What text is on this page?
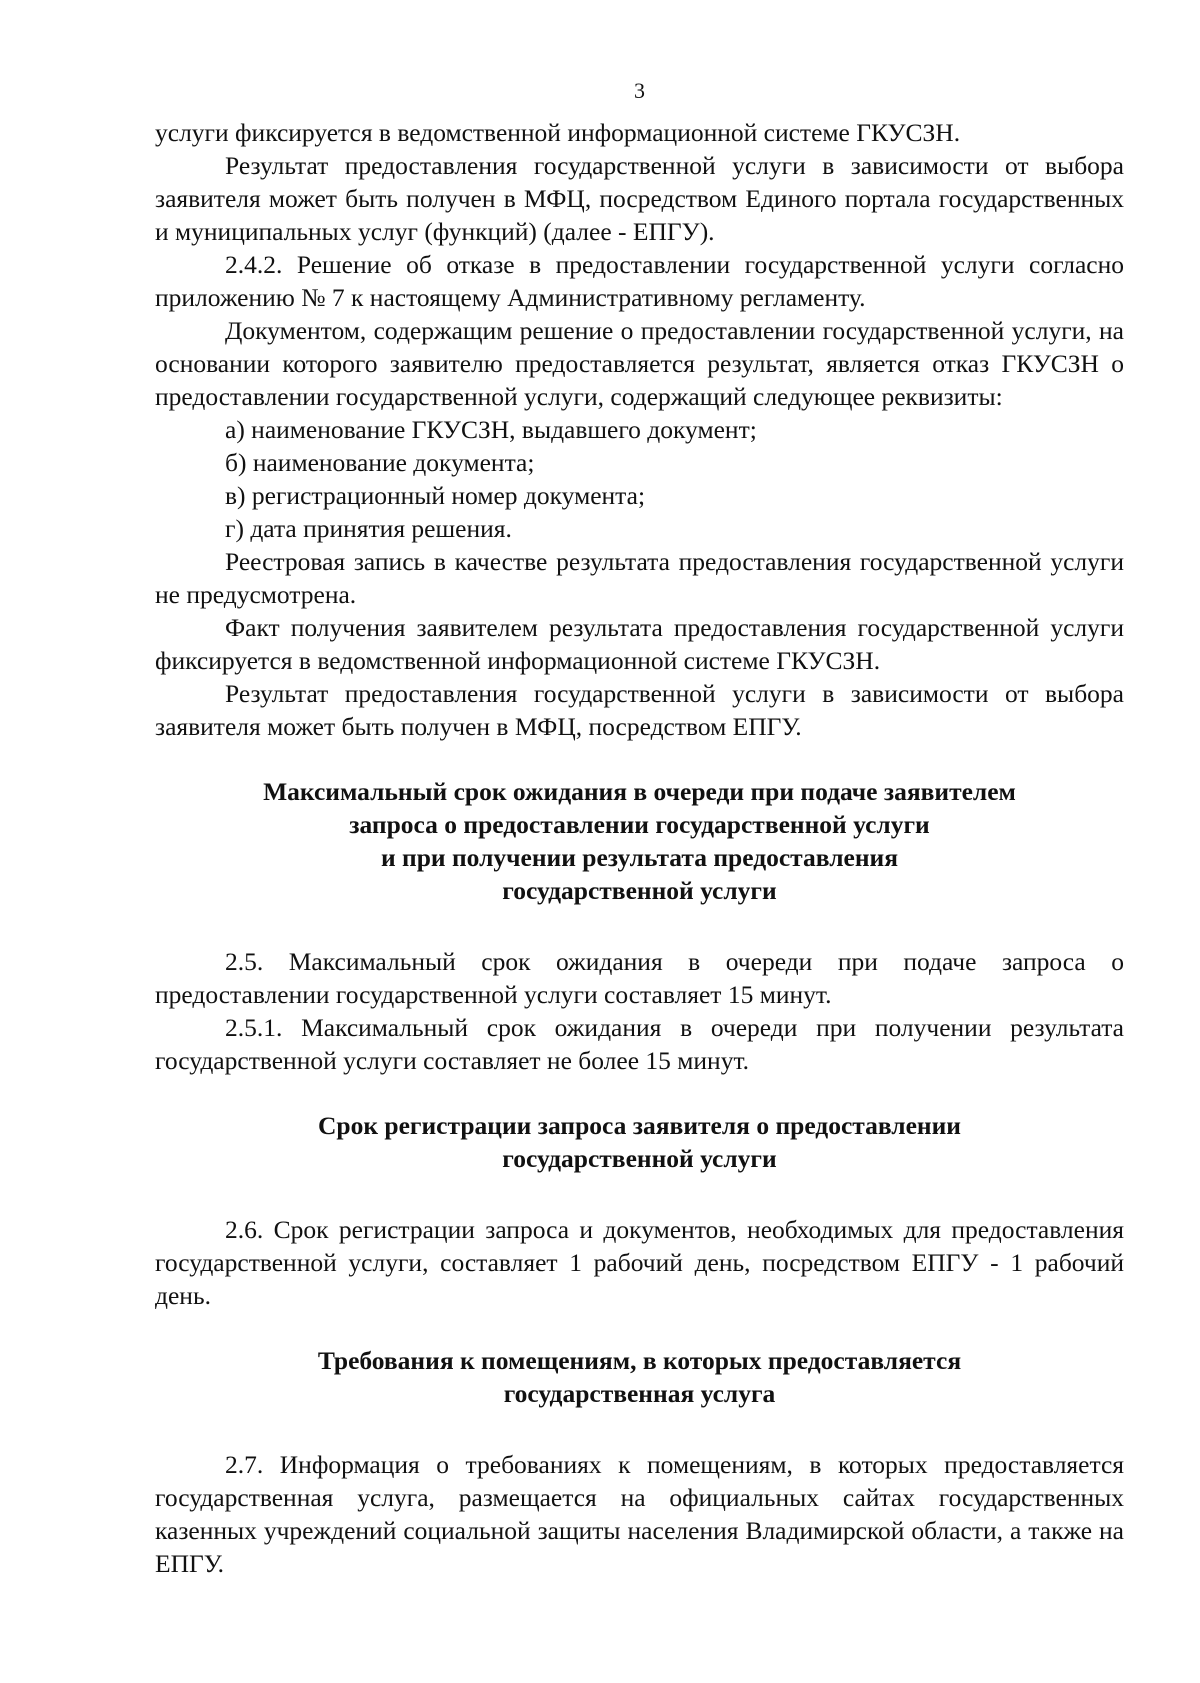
3

услуги фиксируется в ведомственной информационной системе ГКУСЗН.

Результат предоставления государственной услуги в зависимости от выбора заявителя может быть получен в МФЦ, посредством Единого портала государственных и муниципальных услуг (функций) (далее - ЕПГУ).

2.4.2. Решение об отказе в предоставлении государственной услуги согласно приложению № 7 к настоящему Административному регламенту.

Документом, содержащим решение о предоставлении государственной услуги, на основании которого заявителю предоставляется результат, является отказ ГКУСЗН о предоставлении государственной услуги, содержащий следующее реквизиты:

а) наименование ГКУСЗН, выдавшего документ;

б) наименование документа;

в) регистрационный номер документа;

г) дата принятия решения.

Реестровая запись в качестве результата предоставления государственной услуги не предусмотрена.

Факт получения заявителем результата предоставления государственной услуги фиксируется в ведомственной информационной системе ГКУСЗН.

Результат предоставления государственной услуги в зависимости от выбора заявителя может быть получен в МФЦ, посредством ЕПГУ.

Максимальный срок ожидания в очереди при подаче заявителем
запроса о предоставлении государственной услуги
и при получении результата предоставления
государственной услуги

2.5. Максимальный срок ожидания в очереди при подаче запроса о предоставлении государственной услуги составляет 15 минут.

2.5.1. Максимальный срок ожидания в очереди при получении результата государственной услуги составляет не более 15 минут.

Срок регистрации запроса заявителя о предоставлении
государственной услуги

2.6. Срок регистрации запроса и документов, необходимых для предоставления государственной услуги, составляет 1 рабочий день, посредством ЕПГУ - 1 рабочий день.

Требования к помещениям, в которых предоставляется
государственная услуга

2.7. Информация о требованиях к помещениям, в которых предоставляется государственная услуга, размещается на официальных сайтах государственных казенных учреждений социальной защиты населения Владимирской области, а также на ЕПГУ.
